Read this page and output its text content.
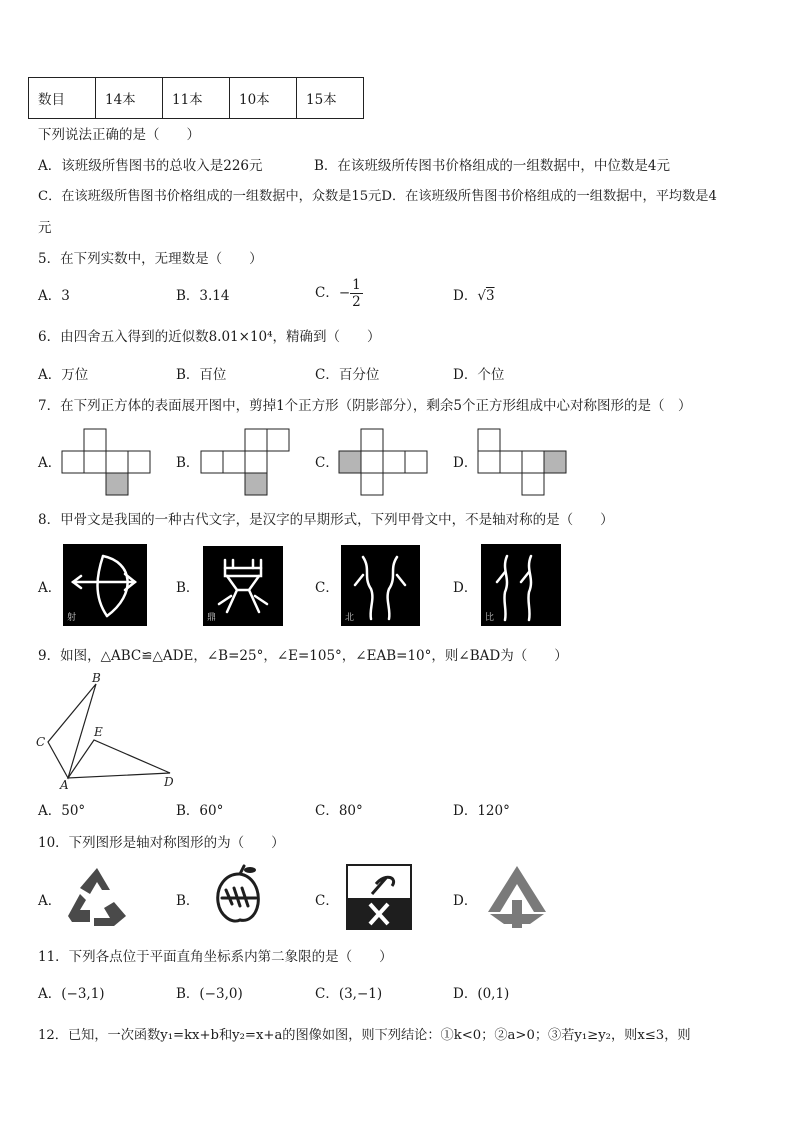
数目	14本	11本	10本	15本
下列说法正确的是（　　）
A．该班级所售图书的总收入是226元	B．在该班级所传图书价格组成的一组数据中，中位数是4元
C．在该班级所售图书价格组成的一组数据中，众数是15元D．在该班级所售图书价格组成的一组数据中，平均数是4
元
5．在下列实数中，无理数是（　　）
A．3	B．3.14	C．− $\frac{1}{2}$	D．√3
6．由四舍五入得到的近似数8.01×10⁴，精确到（　　）
A．万位	B．百位	C．百分位	D．个位
7．在下列正方体的表面展开图中，剪掉1个正方形（阴影部分），剩余5个正方形组成中心对称图形的是（　）
A．	B．	C．	D．
8．甲骨文是我国的一种古代文字，是汉字的早期形式，下列甲骨文中，不是轴对称的是（　　）
A．	B．	C．	D．
射	鼎	北	比
9．如图，△ABC≌△ADE，∠B=25°，∠E=105°，∠EAB=10°，则∠BAD为（　　）
B
C
E
A	D
A．50°	B．60°	C．80°	D．120°
10．下列图形是轴对称图形的为（　　）
A．	B．	C．	D．
11．下列各点位于平面直角坐标系内第二象限的是（　　）
A．(−3,1)	B．(−3,0)	C．(3,−1)	D．(0,1)
12．已知，一次函数y₁=kx+b和y₂=x+a的图像如图，则下列结论：①k<0；②a>0；③若y₁≥y₂，则x≤3，则
